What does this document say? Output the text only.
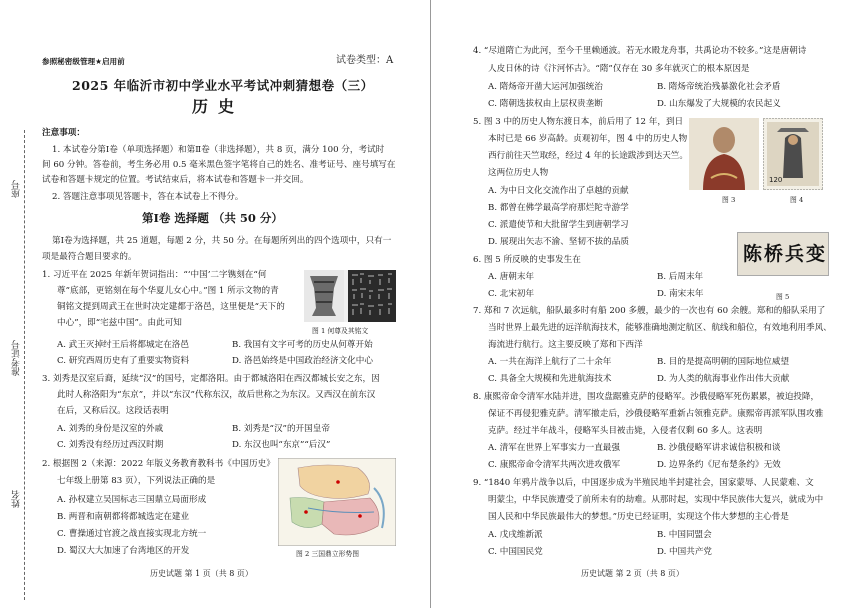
座号
准考证号
姓名
参照秘密级管理★启用前	试卷类型：A
2025 年临沂市初中学业水平考试冲刺猜想卷（三）
历史
注意事项：
1. 本试卷分第Ⅰ卷（单项选择题）和第Ⅱ卷（非选择题），共 8 页，满分 100 分，考试时
间 60 分钟。答卷前，考生务必用 0.5 毫米黑色签字笔将自己的姓名、准考证号、座号填写在
试卷和答题卡规定的位置。考试结束后，将本试卷和答题卡一并交回。
2. 答题注意事项见答题卡，答在本试卷上不得分。
第Ⅰ卷 选择题 （共 50 分）
第Ⅰ卷为选择题，共 25 道题，每题 2 分，共 50 分。在每题所列出的四个选项中，只有一
项是最符合题目要求的。
1. 习近平在 2025 年新年贺词指出：“‘中国’二字镌刻在“何
尊”底部，更铭刻在每个华夏儿女心中。”图 1 所示文物的青
铜铭文提到周武王在世时决定建都于洛邑，这里便是“天下的
中心”，即“宅兹中国”。由此可知
图 1 何尊及其铭文
A. 武王灭掉纣王后将都城定在洛邑	B. 我国有文字可考的历史从何尊开始
C. 研究西周历史有了重要实物资料	D. 洛邑始终是中国政治经济文化中心
3. 刘秀是汉室后裔，延续“汉”的国号，定都洛阳。由于都城洛阳在西汉都城长安之东，因
此时人称洛阳为“东京”，并以“东汉”代称东汉，故后世称之为东汉。又西汉在前东汉
在后，又称后汉。这段话表明
A. 刘秀的身份是汉室的外戚	B. 刘秀是“汉”的开国皇帝
C. 刘秀没有经历过西汉时期	D. 东汉也叫“东京”“后汉”
2. 根据图 2（来源：2022 年版义务教育教科书《中国历史》
七年级上册第 83 页），下列说法正确的是
A. 孙权建立吴国标志三国鼎立局面形成
B. 两晋和南朝都将都城选定在建业
C. 曹操通过官渡之战直接实现北方统一
D. 蜀汉大大加速了台湾地区的开发	图 2 三国鼎立形势图
历史试题 第 1 页（共 8 页）
4. “尽道隋亡为此河，至今千里赖通波。若无水殿龙舟事，共禹论功不较多。”这是唐朝诗
人皮日休的诗《汴河怀古》。“隋”仅存在 30 多年就灭亡的根本原因是
A. 隋炀帝开凿大运河加强统治	B. 隋炀帝统治残暴激化社会矛盾
C. 隋朝选拔权由上层权贵垄断	D. 山东爆发了大规模的农民起义
5. 图 3 中的历史人物东渡日本，前后用了 12 年，到日
本时已是 66 岁高龄。贞观初年，图 4 中的历史人物
西行前往天竺取经，经过 4 年的长途跋涉到达天竺。
这两位历史人物
A. 为中日文化交流作出了卓越的贡献
B. 都曾在佛学最高学府那烂陀寺游学
C. 派遣使节和大批留学生到唐朝学习
D. 展现出矢志不渝、坚韧不拔的品质
图 3
120
图 4
6. 图 5 所反映的史事发生在
A. 唐朝末年	B. 后周末年
C. 北宋初年	D. 南宋末年
陈桥兵变
图 5
7. 郑和 7 次远航，船队最多时有船 200 多艘，最少的一次也有 60 余艘。郑和的船队采用了
当时世界上最先进的远洋航海技术，能够准确地测定航区、航线和船位，有效地利用季风、
海流进行航行。这主要反映了郑和下西洋
A. 一共在海洋上航行了二十余年	B. 目的是提高明朝的国际地位威望
C. 具备全大规模和先进航海技术	D. 为人类的航海事业作出伟大贡献
8. 康熙帝命令清军水陆并进，围攻盘踞雅克萨的侵略军。沙俄侵略军死伤累累，被迫投降，
保证不再侵犯雅克萨。清军撤走后，沙俄侵略军重新占领雅克萨。康熙帝再派军队围攻雅
克萨。经过半年战斗，侵略军头目被击毙，入侵者仅剩 60 多人。这表明
A. 清军在世界上军事实力一直最强	B. 沙俄侵略军讲求诚信积极和谈
C. 康熙帝命令清军共两次进攻俄军	D. 边界条约《尼布楚条约》无效
9. “1840 年鸦片战争以后，中国逐步成为半殖民地半封建社会，国家蒙辱、人民蒙难、文
明蒙尘，中华民族遭受了前所未有的劫难。从那时起，实现中华民族伟大复兴，就成为中
国人民和中华民族最伟大的梦想。”历史已经证明，实现这个伟大梦想的主心骨是
A. 戊戌维新派	B. 中国同盟会
C. 中国国民党	D. 中国共产党
历史试题 第 2 页（共 8 页）
